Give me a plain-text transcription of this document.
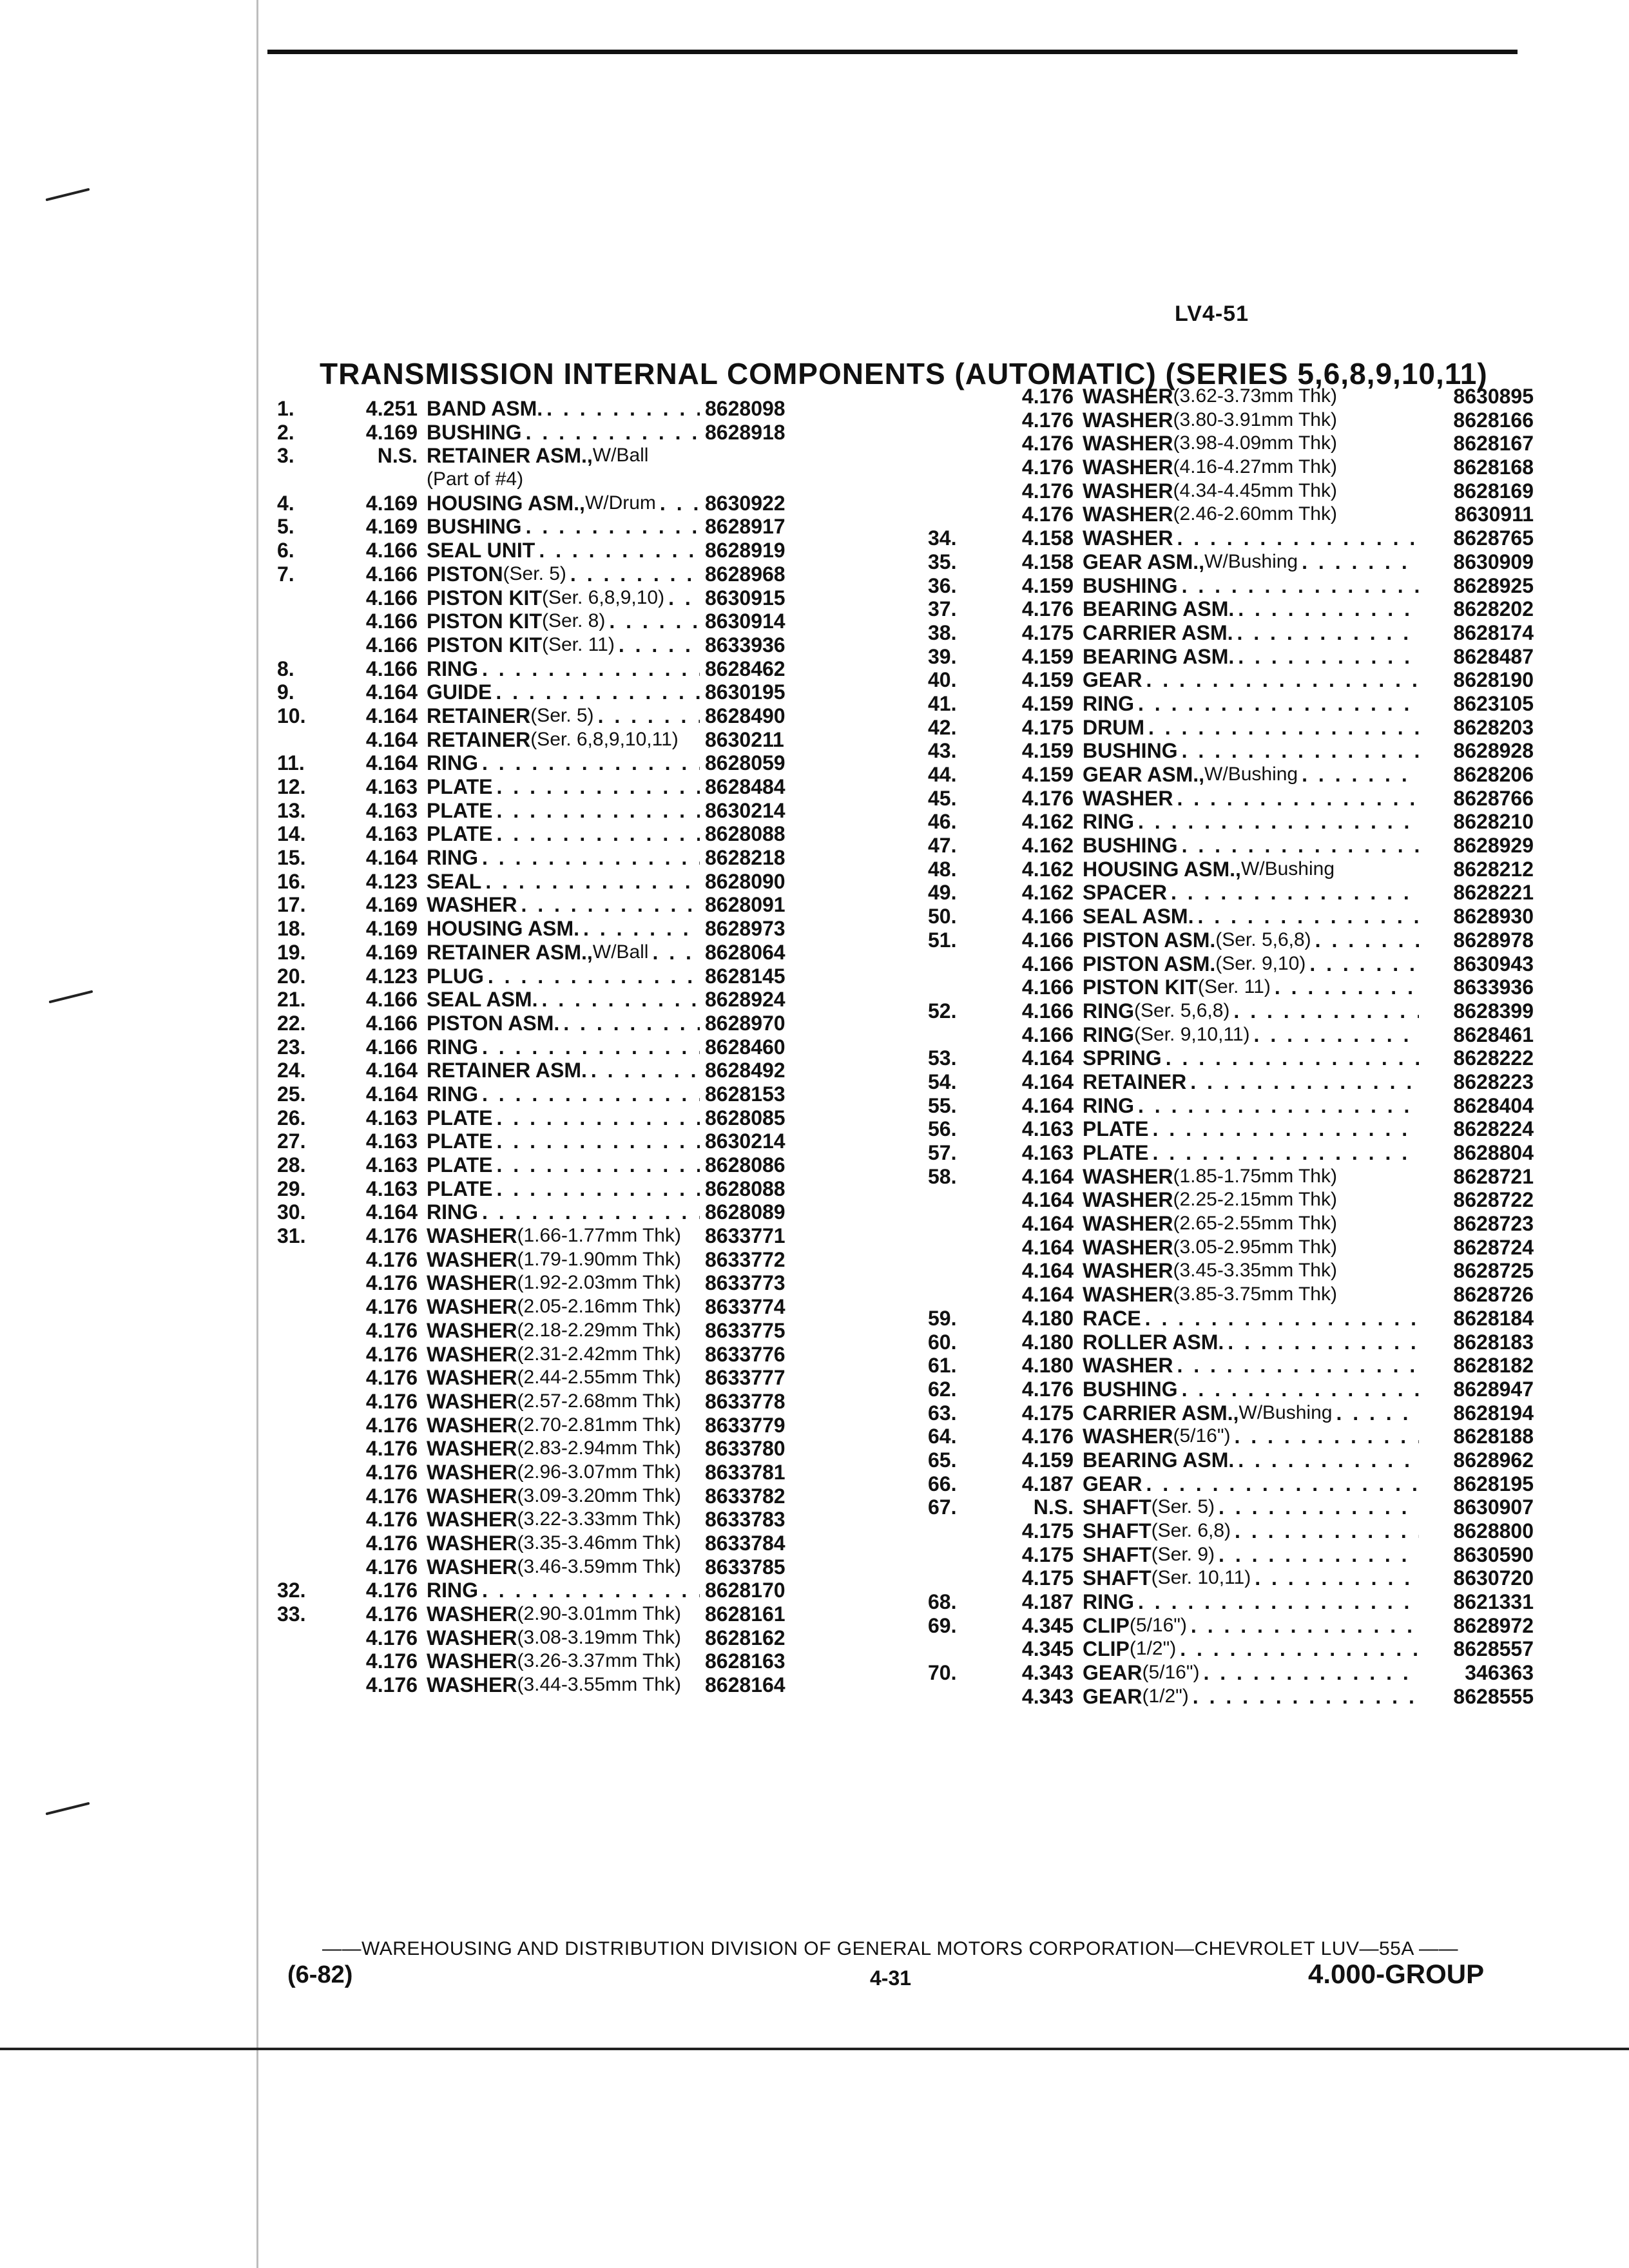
LV4-51
TRANSMISSION INTERNAL COMPONENTS (AUTOMATIC) (SERIES 5,6,8,9,10,11)
1.	4.251 BAND ASM. . . .	8628098
2.	4.169 BUSHING . . .	8628918
3.	N.S. RETAINER ASM., W/Ball
(Part of #4)
4.	4.169 HOUSING ASM., W/Drum . . . 8630922
5.	4.169 BUSHING . . .	8628917
6.	4.166 SEAL UNIT . . .	8628919
7.	4.166 PISTON (Ser. 5) . . .	8628968
4.166 PISTON KIT (Ser. 6,8,9,10) . . . 8630915
4.166 PISTON KIT (Ser. 8) . . .	8630914
4.166 PISTON KIT (Ser. 11) . . .	8633936
8.	4.166 RING . . .	8628462
9.	4.164 GUIDE . . .	8630195
10.	4.164 RETAINER (Ser. 5) . . .	8628490
4.164 RETAINER (Ser. 6,8,9,10,11) 8630211
11.	4.164 RING . . .	8628059
12.	4.163 PLATE . . .	8628484
13.	4.163 PLATE . . .	8630214
14.	4.163 PLATE . . .	8628088
15.	4.164 RING . . .	8628218
16.	4.123 SEAL . . .	8628090
17.	4.169 WASHER . . .	8628091
18.	4.169 HOUSING ASM. . . .	8628973
19.	4.169 RETAINER ASM., W/Ball . . .	8628064
20.	4.123 PLUG . . .	8628145
21.	4.166 SEAL ASM. . . .	8628924
22.	4.166 PISTON ASM. . . .	8628970
23.	4.166 RING . . .	8628460
24.	4.164 RETAINER ASM. . . .	8628492
25.	4.164 RING . . .	8628153
26.	4.163 PLATE . . .	8628085
27.	4.163 PLATE . . .	8630214
28.	4.163 PLATE . . .	8628086
29.	4.163 PLATE . . .	8628088
30.	4.164 RING . . .	8628089
31.	4.176 WASHER (1.66-1.77mm Thk) 8633771
4.176 WASHER (1.79-1.90mm Thk) 8633772
4.176 WASHER (1.92-2.03mm Thk) 8633773
4.176 WASHER (2.05-2.16mm Thk) 8633774
4.176 WASHER (2.18-2.29mm Thk) 8633775
4.176 WASHER (2.31-2.42mm Thk) 8633776
4.176 WASHER (2.44-2.55mm Thk) 8633777
4.176 WASHER (2.57-2.68mm Thk) 8633778
4.176 WASHER (2.70-2.81mm Thk) 8633779
4.176 WASHER (2.83-2.94mm Thk) 8633780
4.176 WASHER (2.96-3.07mm Thk) 8633781
4.176 WASHER (3.09-3.20mm Thk) 8633782
4.176 WASHER (3.22-3.33mm Thk) 8633783
4.176 WASHER (3.35-3.46mm Thk) 8633784
4.176 WASHER (3.46-3.59mm Thk) 8633785
32.	4.176 RING . . .	8628170
33.	4.176 WASHER (2.90-3.01mm Thk) 8628161
4.176 WASHER (3.08-3.19mm Thk) 8628162
4.176 WASHER (3.26-3.37mm Thk) 8628163
4.176 WASHER (3.44-3.55mm Thk) 8628164
4.176 WASHER (3.62-3.73mm Thk)	8630895
4.176 WASHER (3.80-3.91mm Thk)	8628166
4.176 WASHER (3.98-4.09mm Thk)	8628167
4.176 WASHER (4.16-4.27mm Thk)	8628168
4.176 WASHER (4.34-4.45mm Thk)	8628169
4.176 WASHER (2.46-2.60mm Thk)	8630911
34.	4.158 WASHER . . .	8628765
35.	4.158 GEAR ASM., W/Bushing . . .	8630909
36.	4.159 BUSHING . . .	8628925
37.	4.176 BEARING ASM. . . .	8628202
38.	4.175 CARRIER ASM. . . .	8628174
39.	4.159 BEARING ASM. . . .	8628487
40.	4.159 GEAR . . .	8628190
41.	4.159 RING . . .	8623105
42.	4.175 DRUM . . .	8628203
43.	4.159 BUSHING . . .	8628928
44.	4.159 GEAR ASM., W/Bushing . . .	8628206
45.	4.176 WASHER . . .	8628766
46.	4.162 RING . . .	8628210
47.	4.162 BUSHING . . .	8628929
48.	4.162 HOUSING ASM., W/Bushing	8628212
49.	4.162 SPACER . . .	8628221
50.	4.166 SEAL ASM. . . .	8628930
51.	4.166 PISTON ASM. (Ser. 5,6,8) . . .	8628978
4.166 PISTON ASM. (Ser. 9,10) . . .	8630943
4.166 PISTON KIT (Ser. 11) . . .	8633936
52.	4.166 RING (Ser. 5,6,8) . . .	8628399
4.166 RING (Ser. 9,10,11) . . .	8628461
53.	4.164 SPRING . . .	8628222
54.	4.164 RETAINER . . .	8628223
55.	4.164 RING . . .	8628404
56.	4.163 PLATE . . .	8628224
57.	4.163 PLATE . . .	8628804
58.	4.164 WASHER (1.85-1.75mm Thk)	8628721
4.164 WASHER (2.25-2.15mm Thk)	8628722
4.164 WASHER (2.65-2.55mm Thk)	8628723
4.164 WASHER (3.05-2.95mm Thk)	8628724
4.164 WASHER (3.45-3.35mm Thk)	8628725
4.164 WASHER (3.85-3.75mm Thk)	8628726
59.	4.180 RACE . . .	8628184
60.	4.180 ROLLER ASM. . . .	8628183
61.	4.180 WASHER . . .	8628182
62.	4.176 BUSHING . . .	8628947
63.	4.175 CARRIER ASM., W/Bushing . . .	8628194
64.	4.176 WASHER (5/16") . . .	8628188
65.	4.159 BEARING ASM. . . .	8628962
66.	4.187 GEAR . . .	8628195
67.	N.S. SHAFT (Ser. 5) . . .	8630907
4.175 SHAFT (Ser. 6,8) . . .	8628800
4.175 SHAFT (Ser. 9) . . .	8630590
4.175 SHAFT (Ser. 10,11) . . .	8630720
68.	4.187 RING . . .	8621331
69.	4.345 CLIP (5/16") . . .	8628972
4.345 CLIP (1/2") . . .	8628557
70.	4.343 GEAR (5/16") . . .	346363
4.343 GEAR (1/2") . . .	8628555
——WAREHOUSING AND DISTRIBUTION DIVISION OF GENERAL MOTORS CORPORATION—CHEVROLET LUV—55A ——
(6-82)	4-31	4.000-GROUP
